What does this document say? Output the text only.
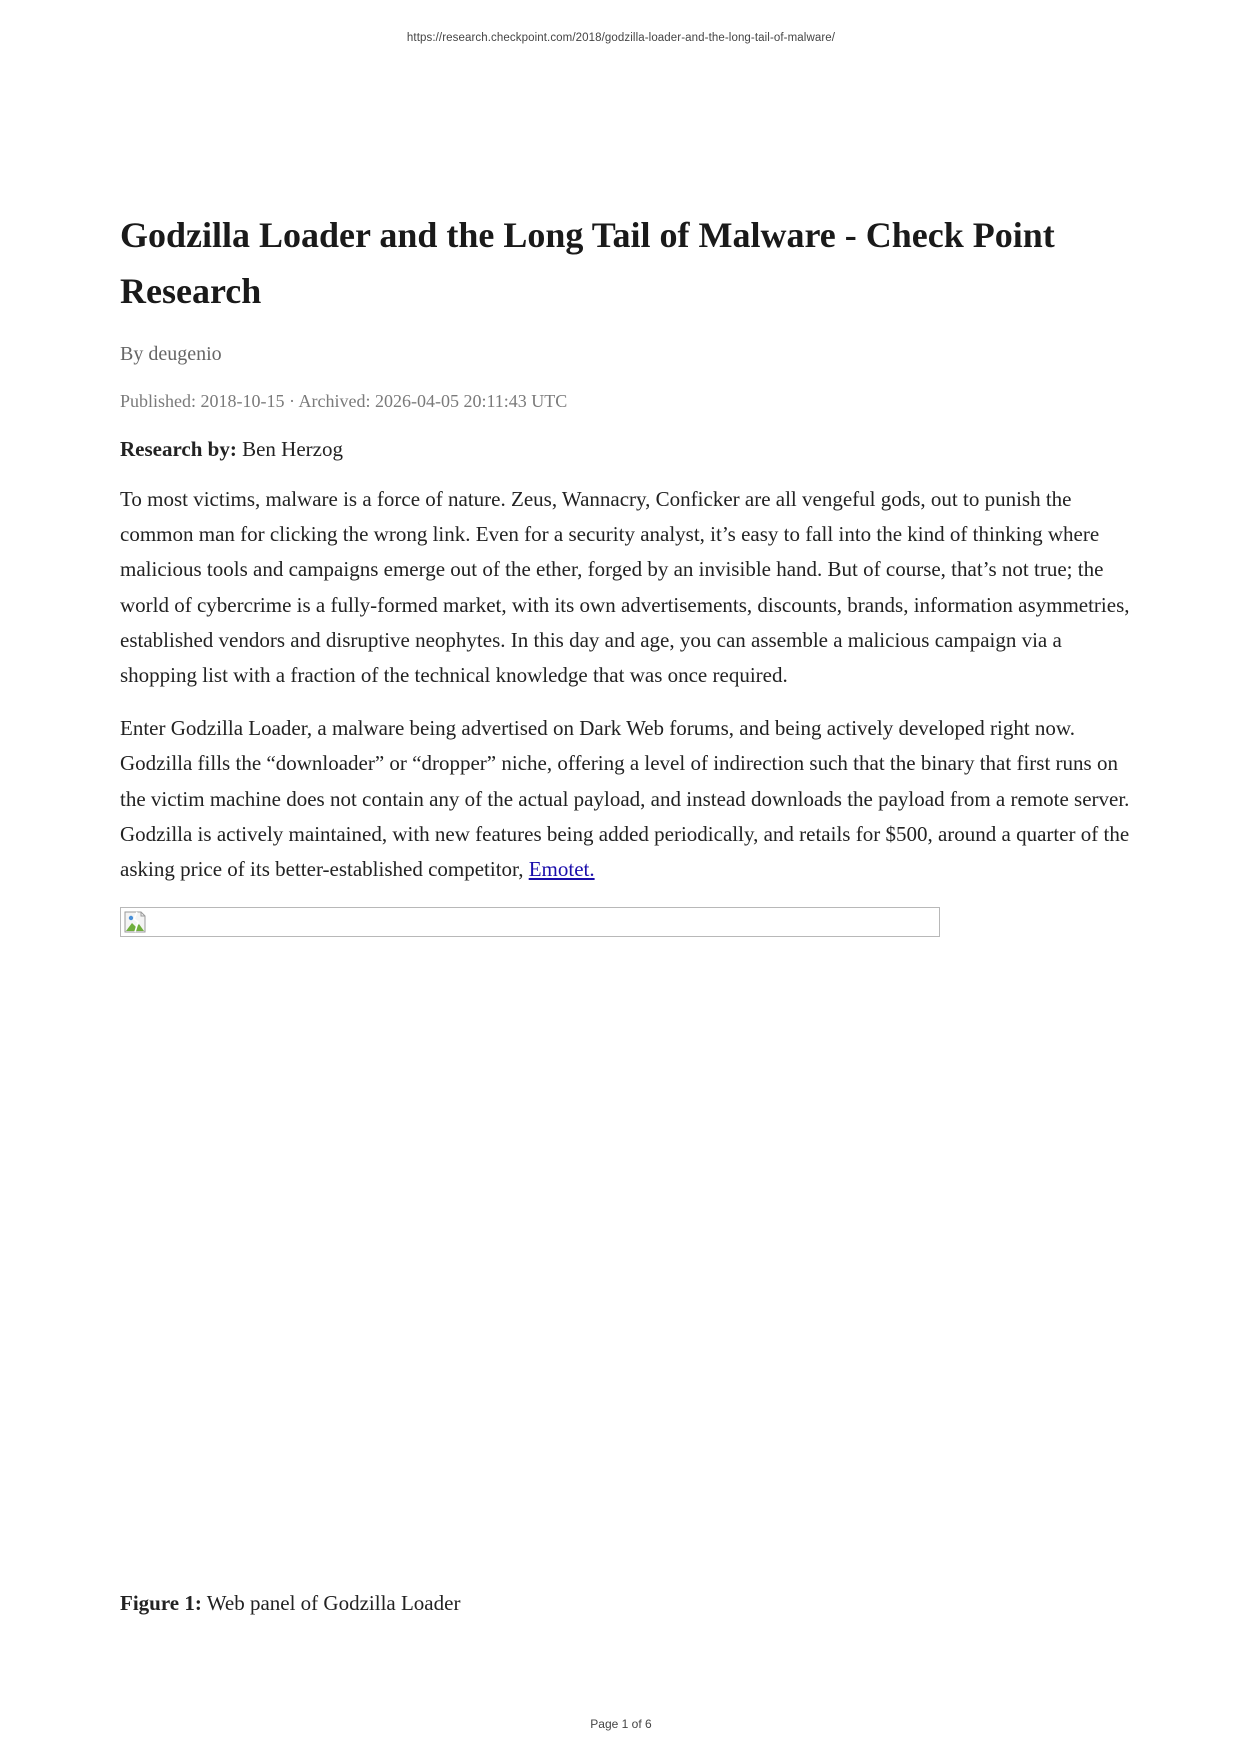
https://research.checkpoint.com/2018/godzilla-loader-and-the-long-tail-of-malware/
Godzilla Loader and the Long Tail of Malware - Check Point Research
By deugenio
Published: 2018-10-15 · Archived: 2026-04-05 20:11:43 UTC
Research by: Ben Herzog

To most victims, malware is a force of nature. Zeus, Wannacry, Conficker are all vengeful gods, out to punish the common man for clicking the wrong link. Even for a security analyst, it’s easy to fall into the kind of thinking where malicious tools and campaigns emerge out of the ether, forged by an invisible hand. But of course, that’s not true; the world of cybercrime is a fully-formed market, with its own advertisements, discounts, brands, information asymmetries, established vendors and disruptive neophytes. In this day and age, you can assemble a malicious campaign via a shopping list with a fraction of the technical knowledge that was once required.

Enter Godzilla Loader, a malware being advertised on Dark Web forums, and being actively developed right now. Godzilla fills the “downloader” or “dropper” niche, offering a level of indirection such that the binary that first runs on the victim machine does not contain any of the actual payload, and instead downloads the payload from a remote server. Godzilla is actively maintained, with new features being added periodically, and retails for $500, around a quarter of the asking price of its better-established competitor, Emotet.

Figure 1: Web panel of Godzilla Loader
Page 1 of 6
